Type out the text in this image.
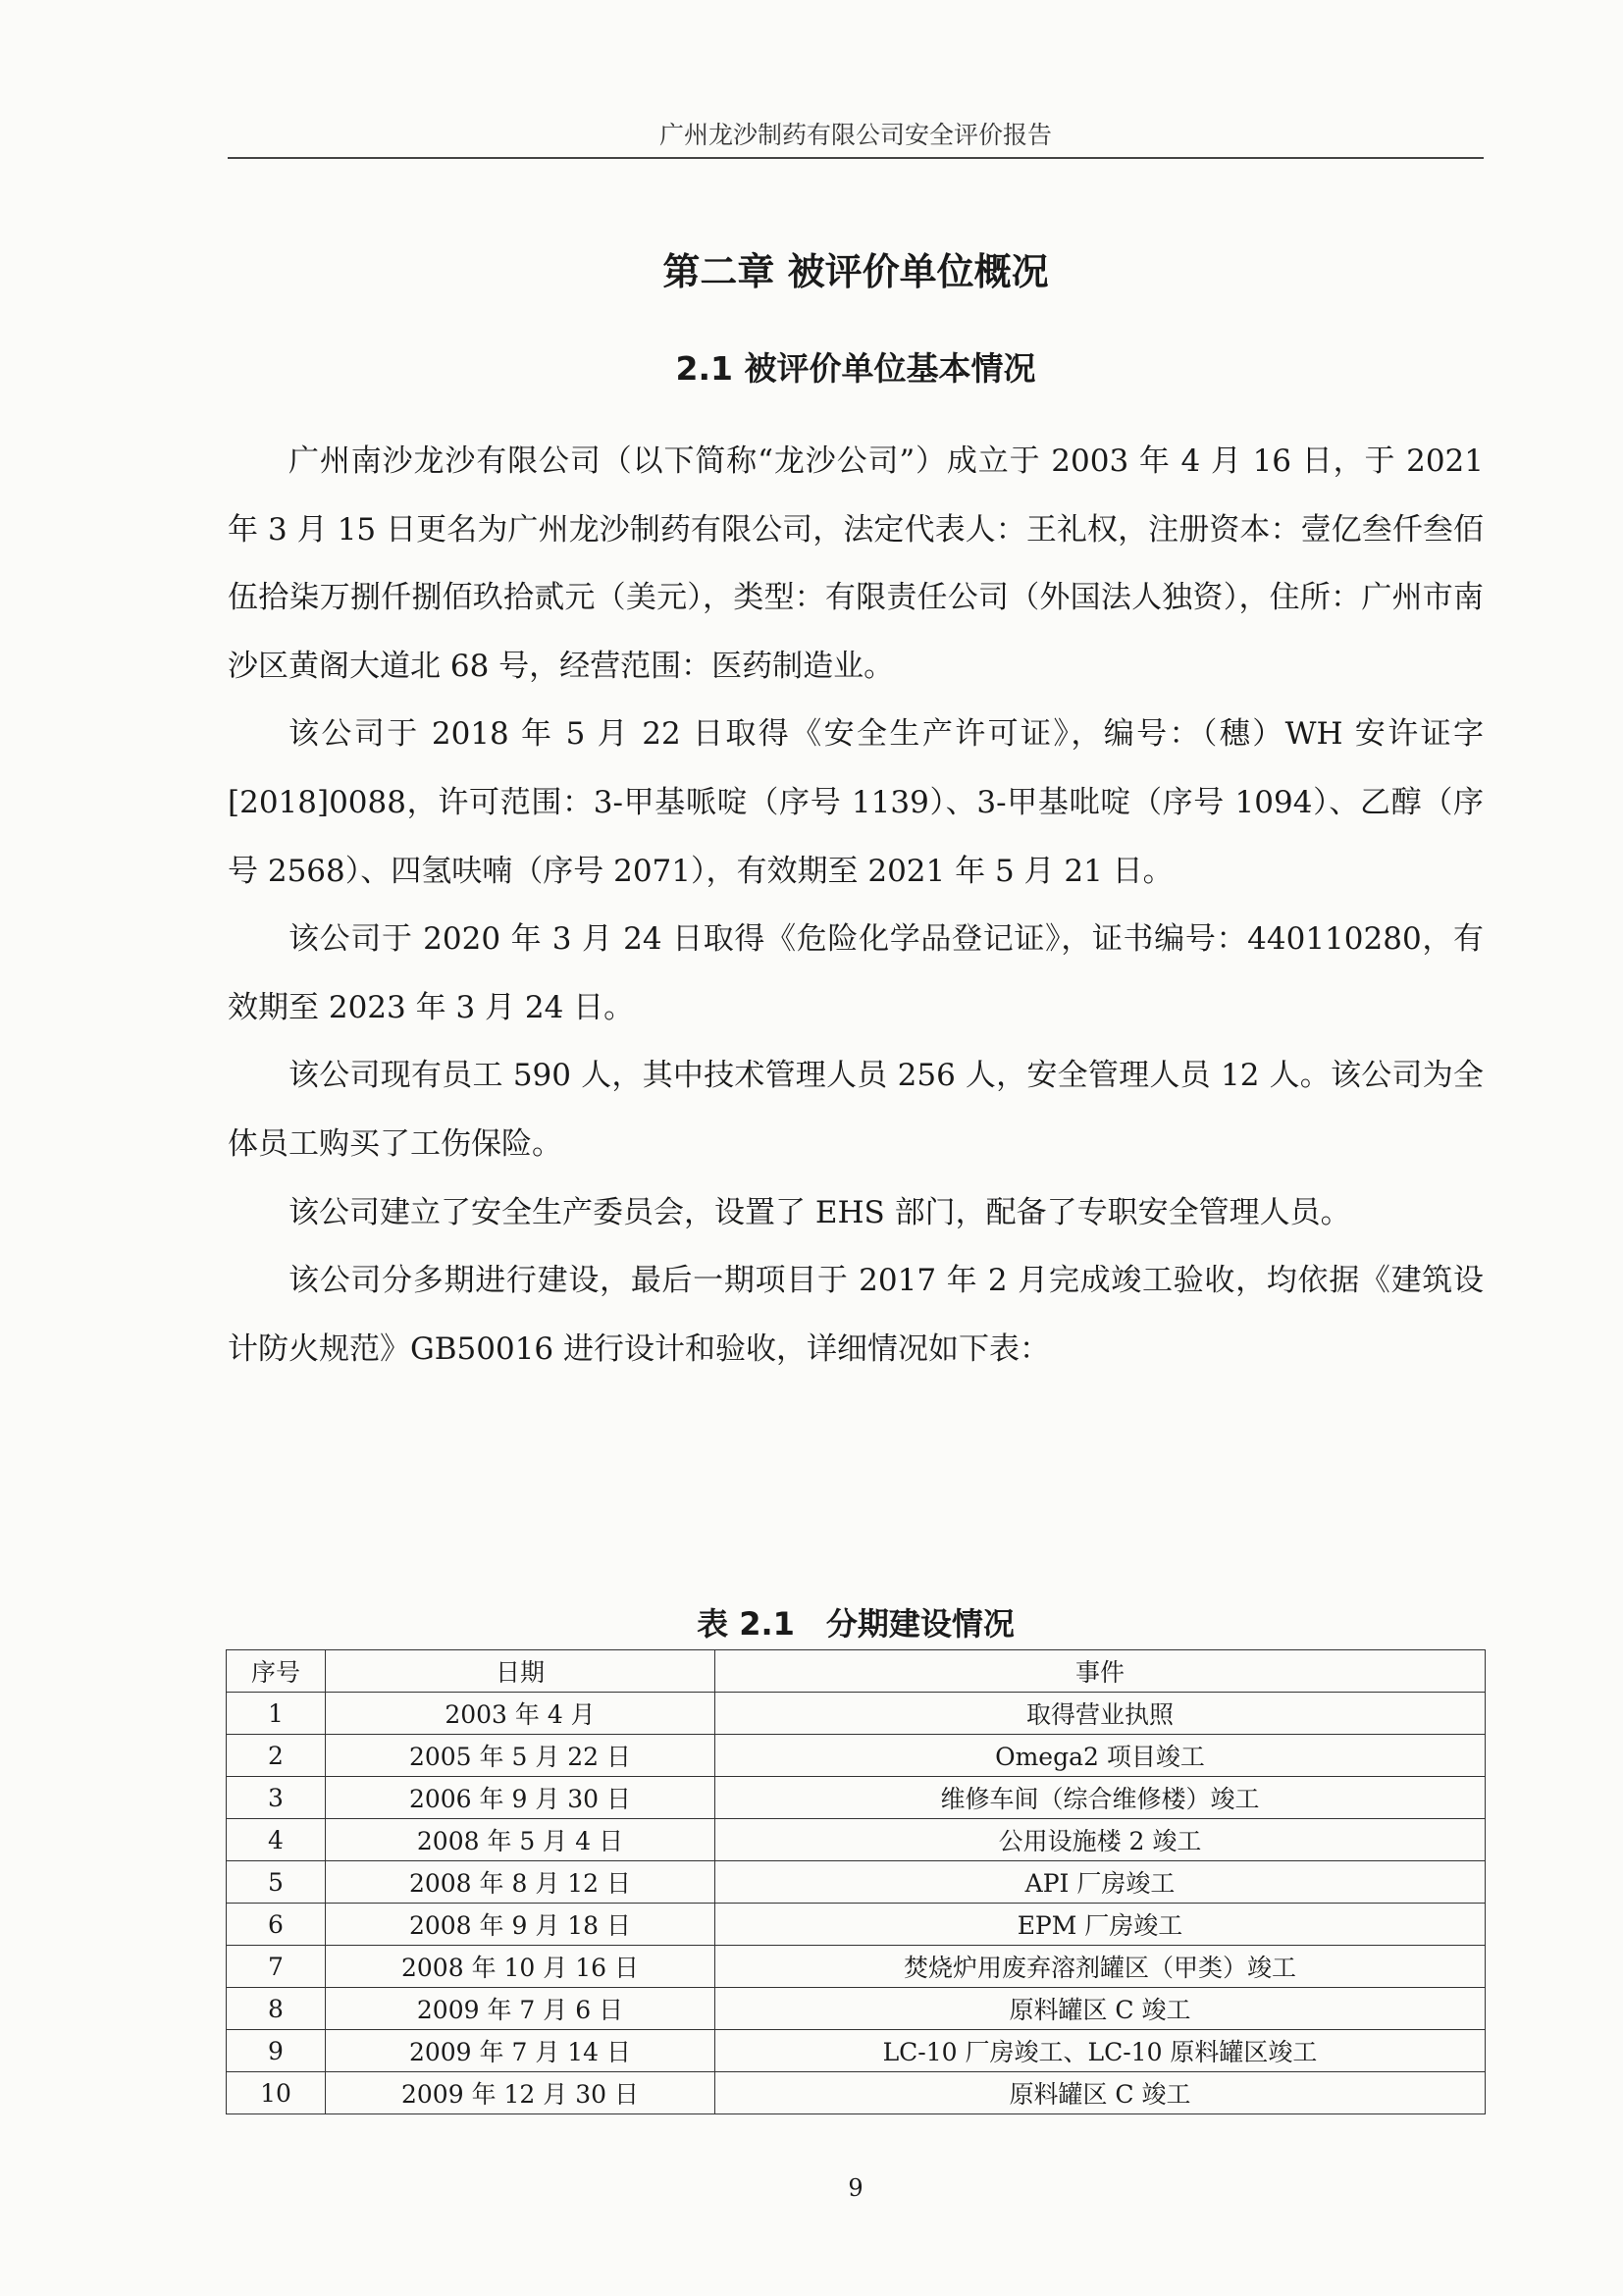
广州龙沙制药有限公司安全评价报告
第二章 被评价单位概况
2.1 被评价单位基本情况

广州南沙龙沙有限公司（以下简称“龙沙公司”）成立于 2003 年 4 月 16 日，于 2021 年 3 月 15 日更名为广州龙沙制药有限公司，法定代表人：王礼权，注册资本：壹亿叁仟叁佰伍拾柒万捌仟捌佰玖拾贰元（美元），类型：有限责任公司（外国法人独资），住所：广州市南沙区黄阁大道北 68 号，经营范围：医药制造业。

该公司于 2018 年 5 月 22 日取得《安全生产许可证》，编号：（穗）WH 安许证字[2018]0088，许可范围：3-甲基哌啶（序号 1139）、3-甲基吡啶（序号 1094）、乙醇（序号 2568）、四氢呋喃（序号 2071），有效期至 2021 年 5 月 21 日。

该公司于 2020 年 3 月 24 日取得《危险化学品登记证》，证书编号：440110280，有效期至 2023 年 3 月 24 日。

该公司现有员工 590 人，其中技术管理人员 256 人，安全管理人员 12 人。该公司为全体员工购买了工伤保险。

该公司建立了安全生产委员会，设置了 EHS 部门，配备了专职安全管理人员。

该公司分多期进行建设，最后一期项目于 2017 年 2 月完成竣工验收，均依据《建筑设计防火规范》GB50016 进行设计和验收，详细情况如下表：

表 2.1　分期建设情况
序号	日期	事件
1	2003 年 4 月	取得营业执照
2	2005 年 5 月 22 日	Omega2 项目竣工
3	2006 年 9 月 30 日	维修车间（综合维修楼）竣工
4	2008 年 5 月 4 日	公用设施楼 2 竣工
5	2008 年 8 月 12 日	API 厂房竣工
6	2008 年 9 月 18 日	EPM 厂房竣工
7	2008 年 10 月 16 日	焚烧炉用废弃溶剂罐区（甲类）竣工
8	2009 年 7 月 6 日	原料罐区 C 竣工
9	2009 年 7 月 14 日	LC-10 厂房竣工、LC-10 原料罐区竣工
10	2009 年 12 月 30 日	原料罐区 C 竣工
9
